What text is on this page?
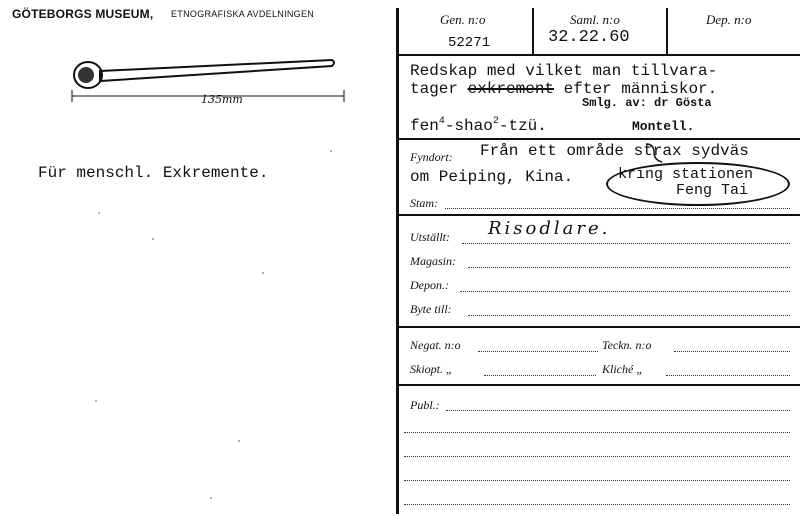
GÖTEBORGS MUSEUM, ETNOGRAFISKA AVDELNINGEN
135mm
Für menschl. Exkremente.
Gen. n:o
52271
Saml. n:o
32.22.60
Dep. n:o
Redskap med vilket man tillvara-
tager exkrement efter människor.
Smlg. av: dr Gösta
fen$^4$-shao$^2$-tzü.	Montell.
Fyndort: Från ett område strax sydväs
om Peiping, Kina.	kring stationen
Feng Tai
Stam:
Utställt: Risodlare.
Magasin:
Depon.:
Byte till:
Negat. n:o	Teckn. n:o
Skiopt. „	Kliché „
Publ.:
